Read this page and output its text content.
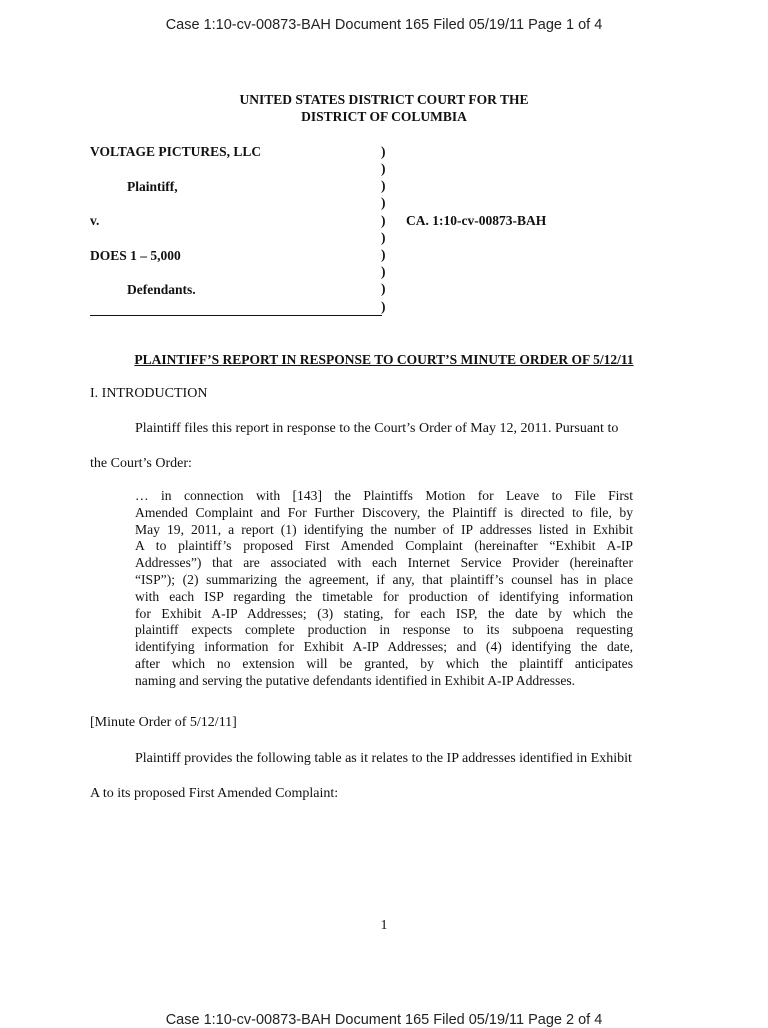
Case 1:10-cv-00873-BAH Document 165 Filed 05/19/11 Page 1 of 4
UNITED STATES DISTRICT COURT FOR THE
DISTRICT OF COLUMBIA
VOLTAGE PICTURES, LLC
Plaintiff,
v.
DOES 1 – 5,000
Defendants.
CA. 1:10-cv-00873-BAH
)
)
)
)
)
)
)
)
)
)
PLAINTIFF’S REPORT IN RESPONSE TO COURT’S MINUTE ORDER OF 5/12/11
I. INTRODUCTION
Plaintiff files this report in response to the Court’s Order of May 12, 2011. Pursuant to
the Court’s Order:
… in connection with [143] the Plaintiffs Motion for Leave to File First
Amended Complaint and For Further Discovery, the Plaintiff is directed to file, by
May 19, 2011, a report (1) identifying the number of IP addresses listed in Exhibit
A to plaintiff’s proposed First Amended Complaint (hereinafter “Exhibit A-IP
Addresses”) that are associated with each Internet Service Provider (hereinafter
“ISP”); (2) summarizing the agreement, if any, that plaintiff’s counsel has in place
with each ISP regarding the timetable for production of identifying information
for Exhibit A-IP Addresses; (3) stating, for each ISP, the date by which the
plaintiff expects complete production in response to its subpoena requesting
identifying information for Exhibit A-IP Addresses; and (4) identifying the date,
after which no extension will be granted, by which the plaintiff anticipates
naming and serving the putative defendants identified in Exhibit A-IP Addresses.
[Minute Order of 5/12/11]
Plaintiff provides the following table as it relates to the IP addresses identified in Exhibit
A to its proposed First Amended Complaint:
1
Case 1:10-cv-00873-BAH Document 165 Filed 05/19/11 Page 2 of 4
